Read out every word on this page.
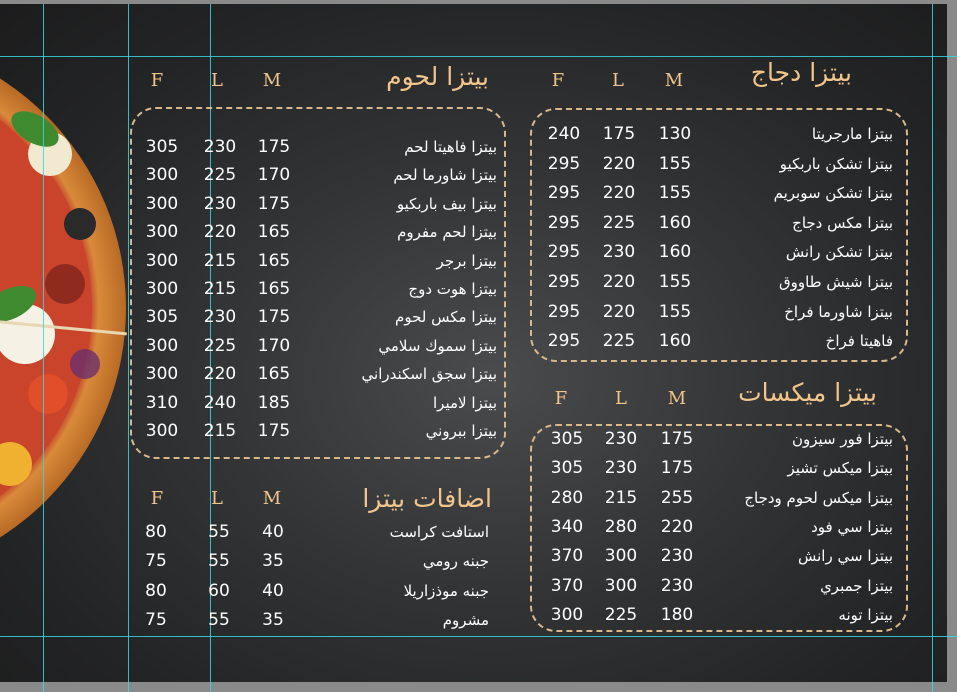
بيتزا لحوم
F	L	M
بيتزا فاهيتا لحم
305	230	175
بيتزا شاورما لحم
300	225	170
بيتزا بيف باربكيو
300	230	175
بيتزا لحم مفروم
300	220	165
بيتزا برجر
300	215	165
بيتزا هوت دوج
300	215	165
بيتزا مكس لحوم
305	230	175
بيتزا سموك سلامي
300	225	170
بيتزا سجق اسكندراني
300	220	165
بيتزا لاميرا
310	240	185
بيتزا ببروني
300	215	175
بيتزا دجاج
F	L	M
بيتزا مارجريتا
240	175	130
بيتزا تشكن باربكيو
295	220	155
بيتزا تشكن سوبريم
295	220	155
بيتزا مكس دجاج
295	225	160
بيتزا تشكن رانش
295	230	160
بيتزا شيش طاووق
295	220	155
بيتزا شاورما فراخ
295	220	155
فاهيتا فراخ
295	225	160
بيتزا ميكسات
F	L	M
بيتزا فور سيزون
305	230	175
بيتزا ميكس تشيز
305	230	175
بيتزا ميكس لحوم ودجاج
280	215	255
بيتزا سي فود
340	280	220
بيتزا سي رانش
370	300	230
بيتزا جمبري
370	300	230
بيتزا تونه
300	225	180
اضافات بيتزا
F	L	M
استافت كراست
80	55	40
جبنه رومي
75	55	35
جبنه موذزاريلا
80	60	40
مشروم
75	55	35
